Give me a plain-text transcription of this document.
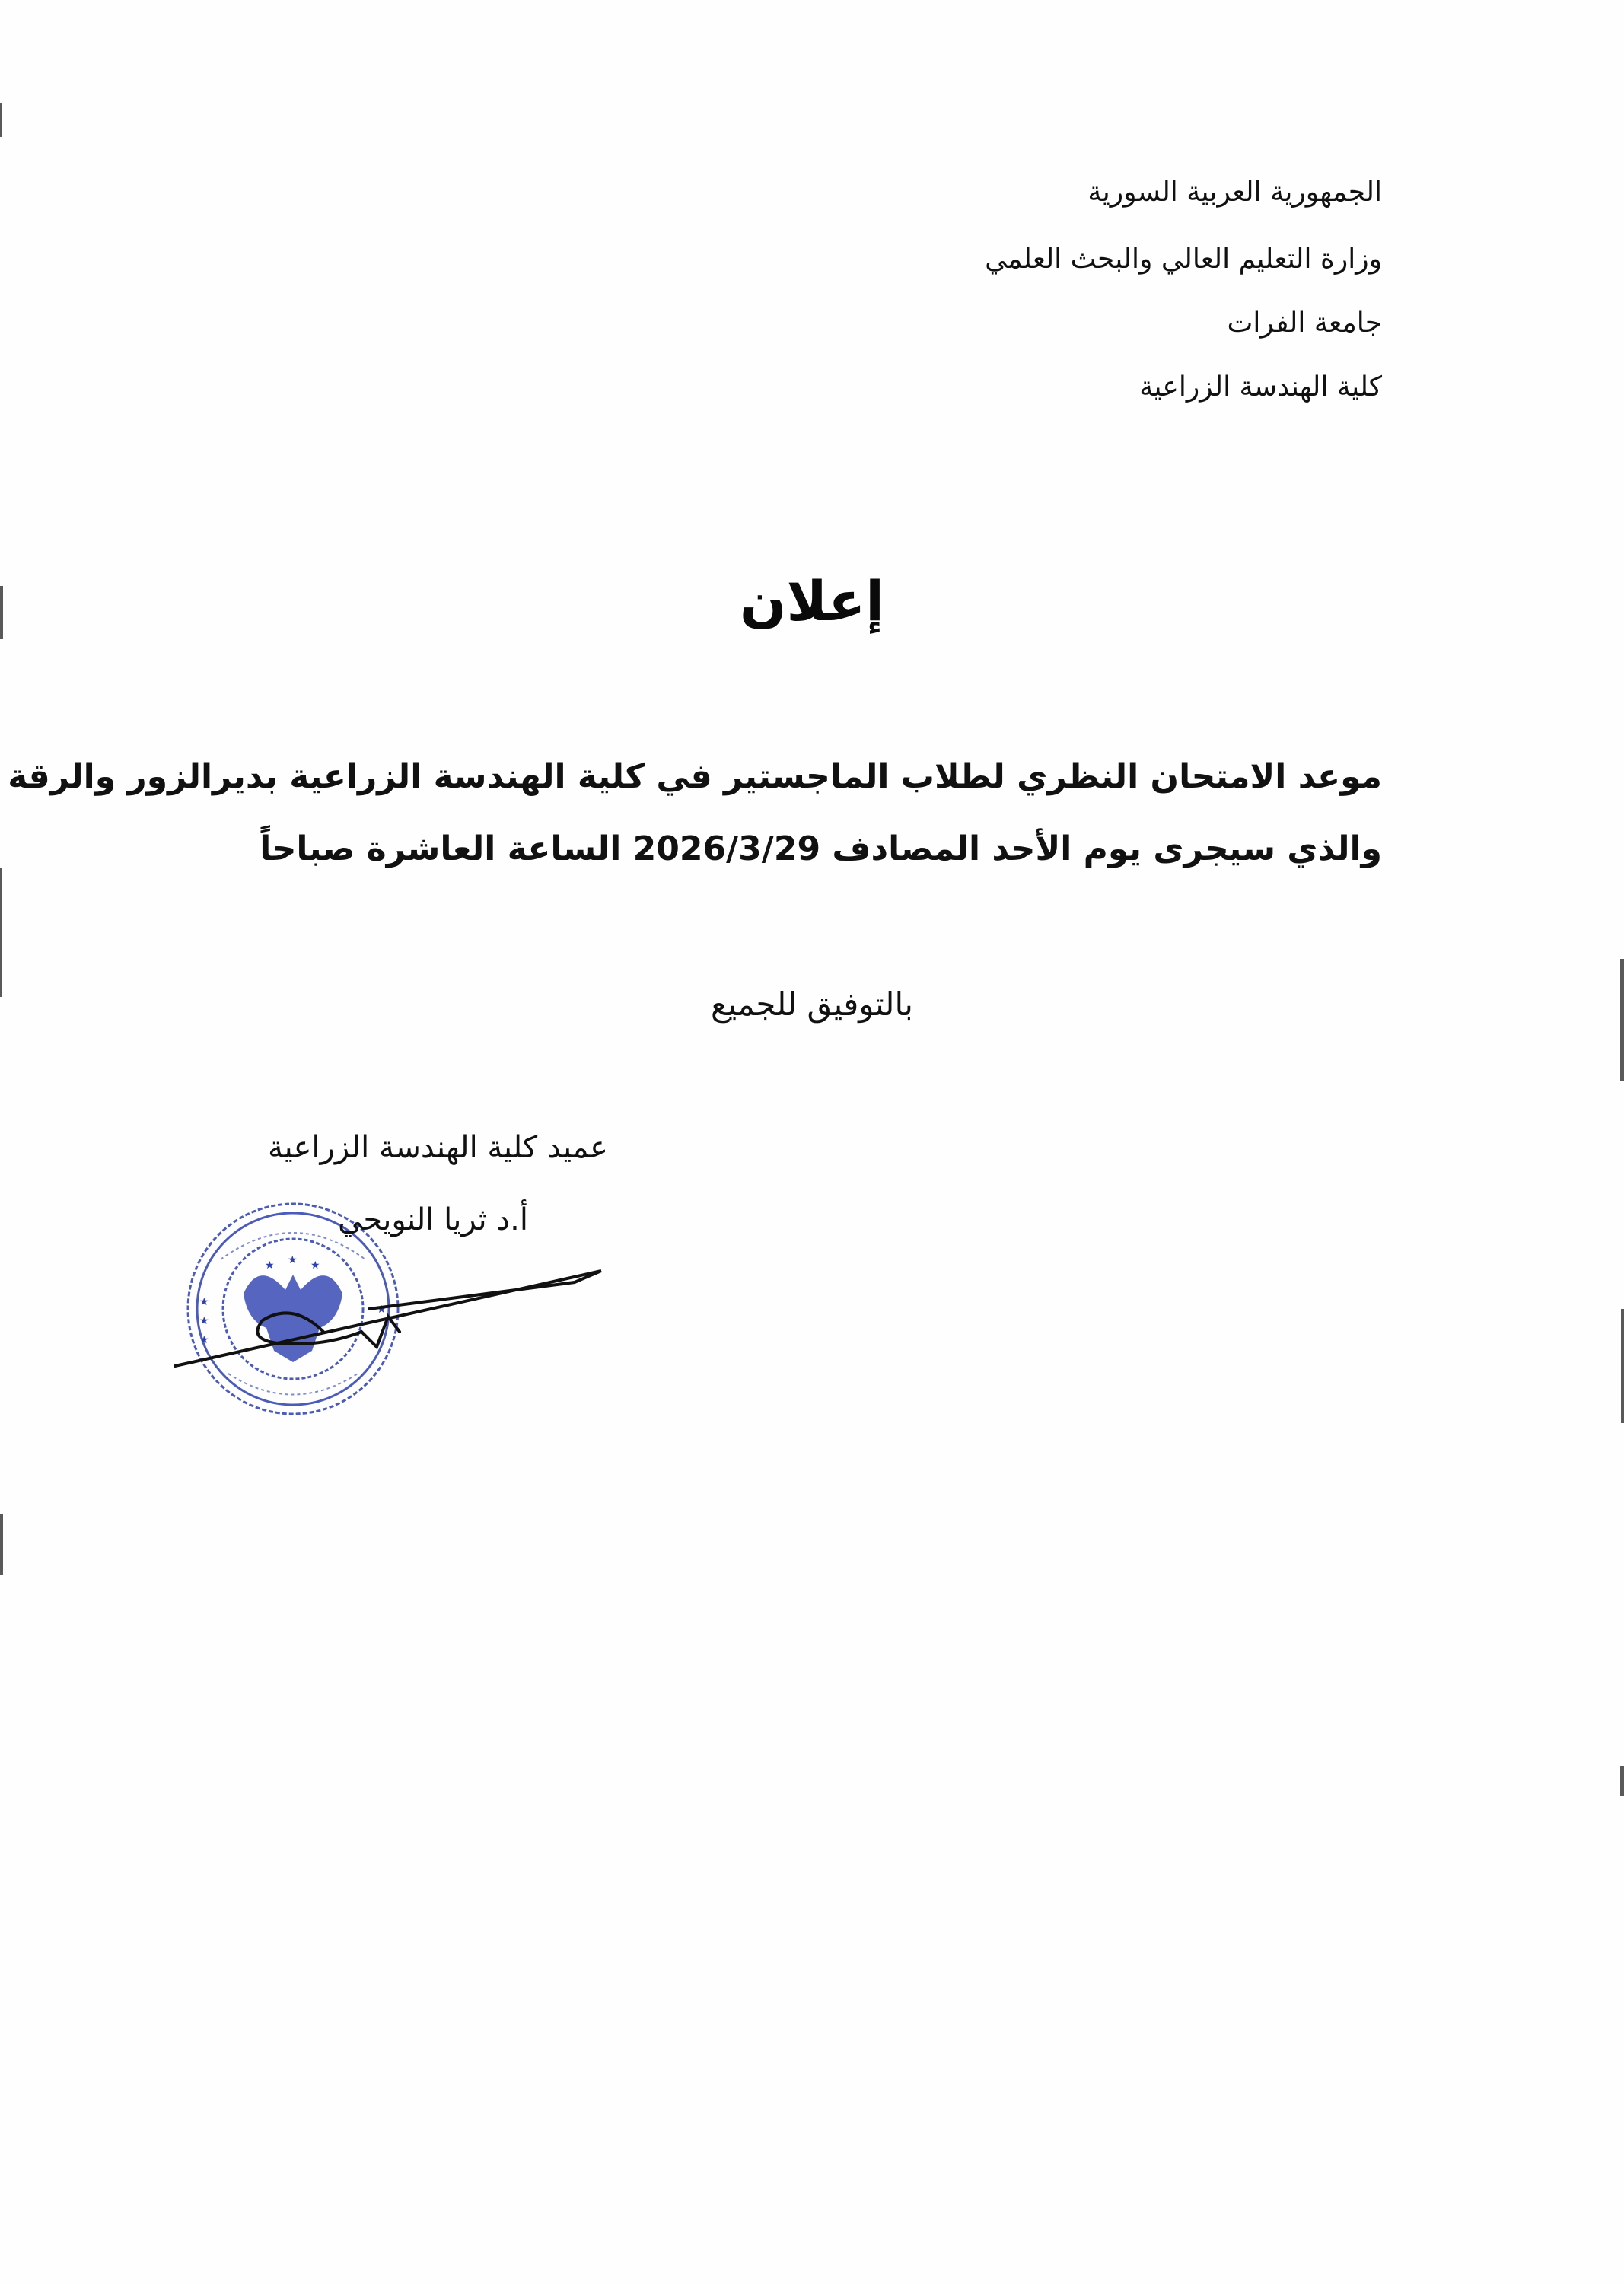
الجمهورية العربية السورية
وزارة التعليم العالي والبحث العلمي
جامعة الفرات
كلية الهندسة الزراعية
إعلان
موعد الامتحان النظري لطلاب الماجستير في كلية الهندسة الزراعية بديرالزور والرقة
والذي سيجرى يوم الأحد المصادف 2026/3/29 الساعة العاشرة صباحاً
بالتوفيق للجميع
★ ★ ★
★
★
★
★
عميد كلية الهندسة الزراعية
أ.د ثريا النويحي
